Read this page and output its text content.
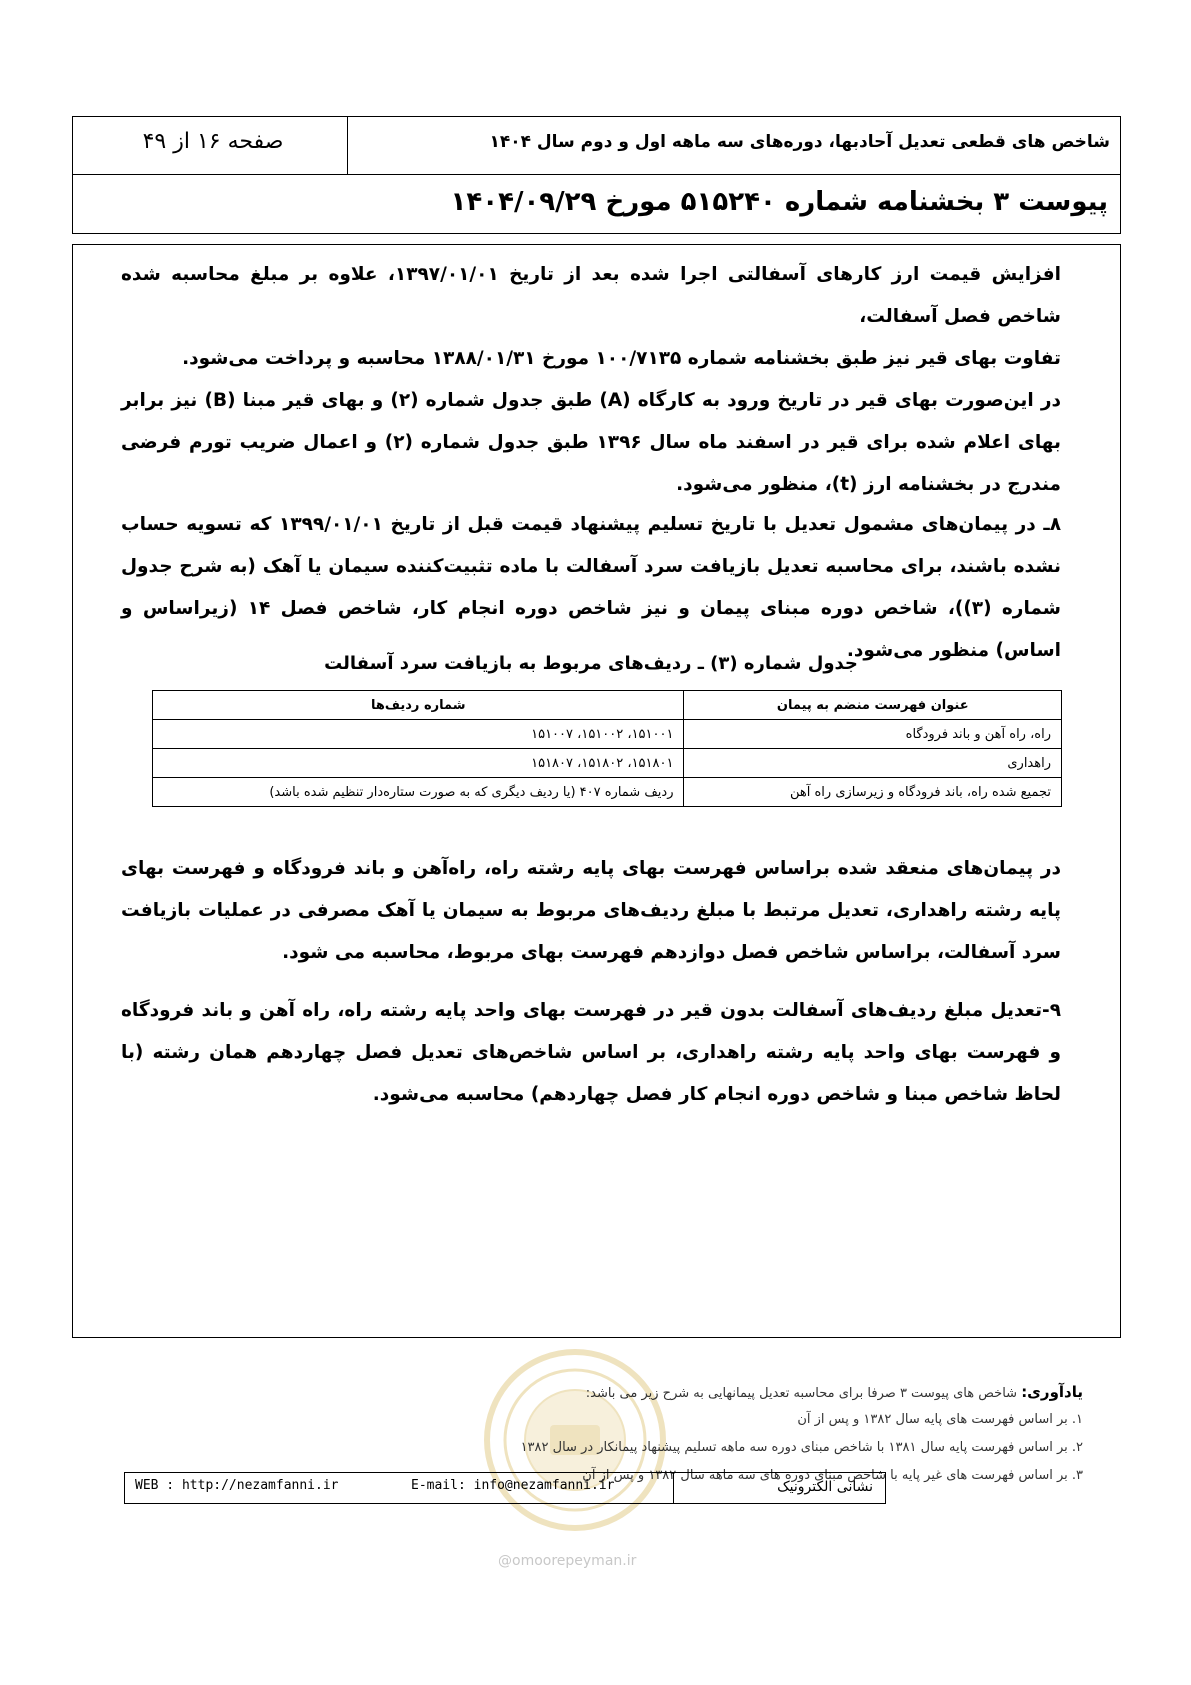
شاخص های قطعی تعدیل آحادبها، دوره‌های سه ماهه اول و دوم سال ۱۴۰۴
صفحه ۱۶ از ۴۹
پیوست ۳ بخشنامه شماره ۵۱۵۲۴۰ مورخ ۱۴۰۴/۰۹/۲۹

افزایش قیمت ارز کارهای آسفالتی اجرا شده بعد از تاریخ ۱۳۹۷/۰۱/۰۱، علاوه بر مبلغ محاسبه شده شاخص فصل آسفالت،

تفاوت بهای قیر نیز طبق بخشنامه شماره ۱۰۰/۷۱۳۵ مورخ ۱۳۸۸/۰۱/۳۱ محاسبه و پرداخت می‌شود.

در این‌صورت بهای قیر در تاریخ ورود به کارگاه (A) طبق جدول شماره (۲) و بهای قیر مبنا (B) نیز برابر بهای اعلام شده برای قیر در اسفند ماه سال ۱۳۹۶ طبق جدول شماره (۲) و اعمال ضریب تورم فرضی مندرج در بخشنامه ارز (t)، منظور می‌شود.

۸ـ در پیمان‌های مشمول تعدیل با تاریخ تسلیم پیشنهاد قیمت قبل از تاریخ ۱۳۹۹/۰۱/۰۱ که تسویه حساب نشده باشند، برای محاسبه تعدیل بازیافت سرد آسفالت با ماده تثبیت‌کننده سیمان یا آهک (به شرح جدول شماره (۳))، شاخص دوره مبنای پیمان و نیز شاخص دوره انجام کار، شاخص فصل ۱۴ (زیراساس و اساس) منظور می‌شود.

جدول شماره (۳) ـ ردیف‌های مربوط به بازیافت سرد آسفالت
عنوان فهرست منضم به پیمان	شماره ردیف‌ها
راه، راه آهن و باند فرودگاه	۱۵۱۰۰۱، ۱۵۱۰۰۲، ۱۵۱۰۰۷
راهداری	۱۵۱۸۰۱، ۱۵۱۸۰۲، ۱۵۱۸۰۷
تجمیع شده راه، باند فرودگاه و زیرسازی راه آهن	ردیف شماره ۴۰۷ (یا ردیف دیگری که به صورت ستاره‌دار تنظیم شده باشد)

در پیمان‌های منعقد شده براساس فهرست بهای پایه رشته راه، راه‌آهن و باند فرودگاه و فهرست بهای پایه رشته راهداری، تعدیل مرتبط با مبلغ ردیف‌های مربوط به سیمان یا آهک مصرفی در عملیات بازیافت سرد آسفالت، براساس شاخص فصل دوازدهم فهرست بهای مربوط، محاسبه می شود.

۹-تعدیل مبلغ ردیف‌های آسفالت بدون قیر در فهرست بهای واحد پایه رشته راه، راه آهن و باند فرودگاه و فهرست بهای واحد پایه رشته راهداری، بر اساس شاخص‌های تعدیل فصل چهاردهم همان رشته (با لحاظ شاخص مبنا و شاخص دوره انجام کار فصل چهاردهم) محاسبه می‌شود.

یادآوری: شاخص های پیوست ۳ صرفا برای محاسبه تعدیل پیمانهایی به شرح زیر می باشد:
۱. بر اساس فهرست های پایه سال ۱۳۸۲ و پس از آن
۲. بر اساس فهرست پایه سال ۱۳۸۱ با شاخص مبنای دوره سه ماهه تسلیم پیشنهاد پیمانکار در سال ۱۳۸۲
۳. بر اساس فهرست های غیر پایه با شاخص مبنای دوره های سه ماهه سال ۱۳۸۲ و پس از آن
WEB : http://nezamfanni.ir	E-mail: info@nezamfanni.ir	نشانی الکترونیک
@omoorepeyman.ir
